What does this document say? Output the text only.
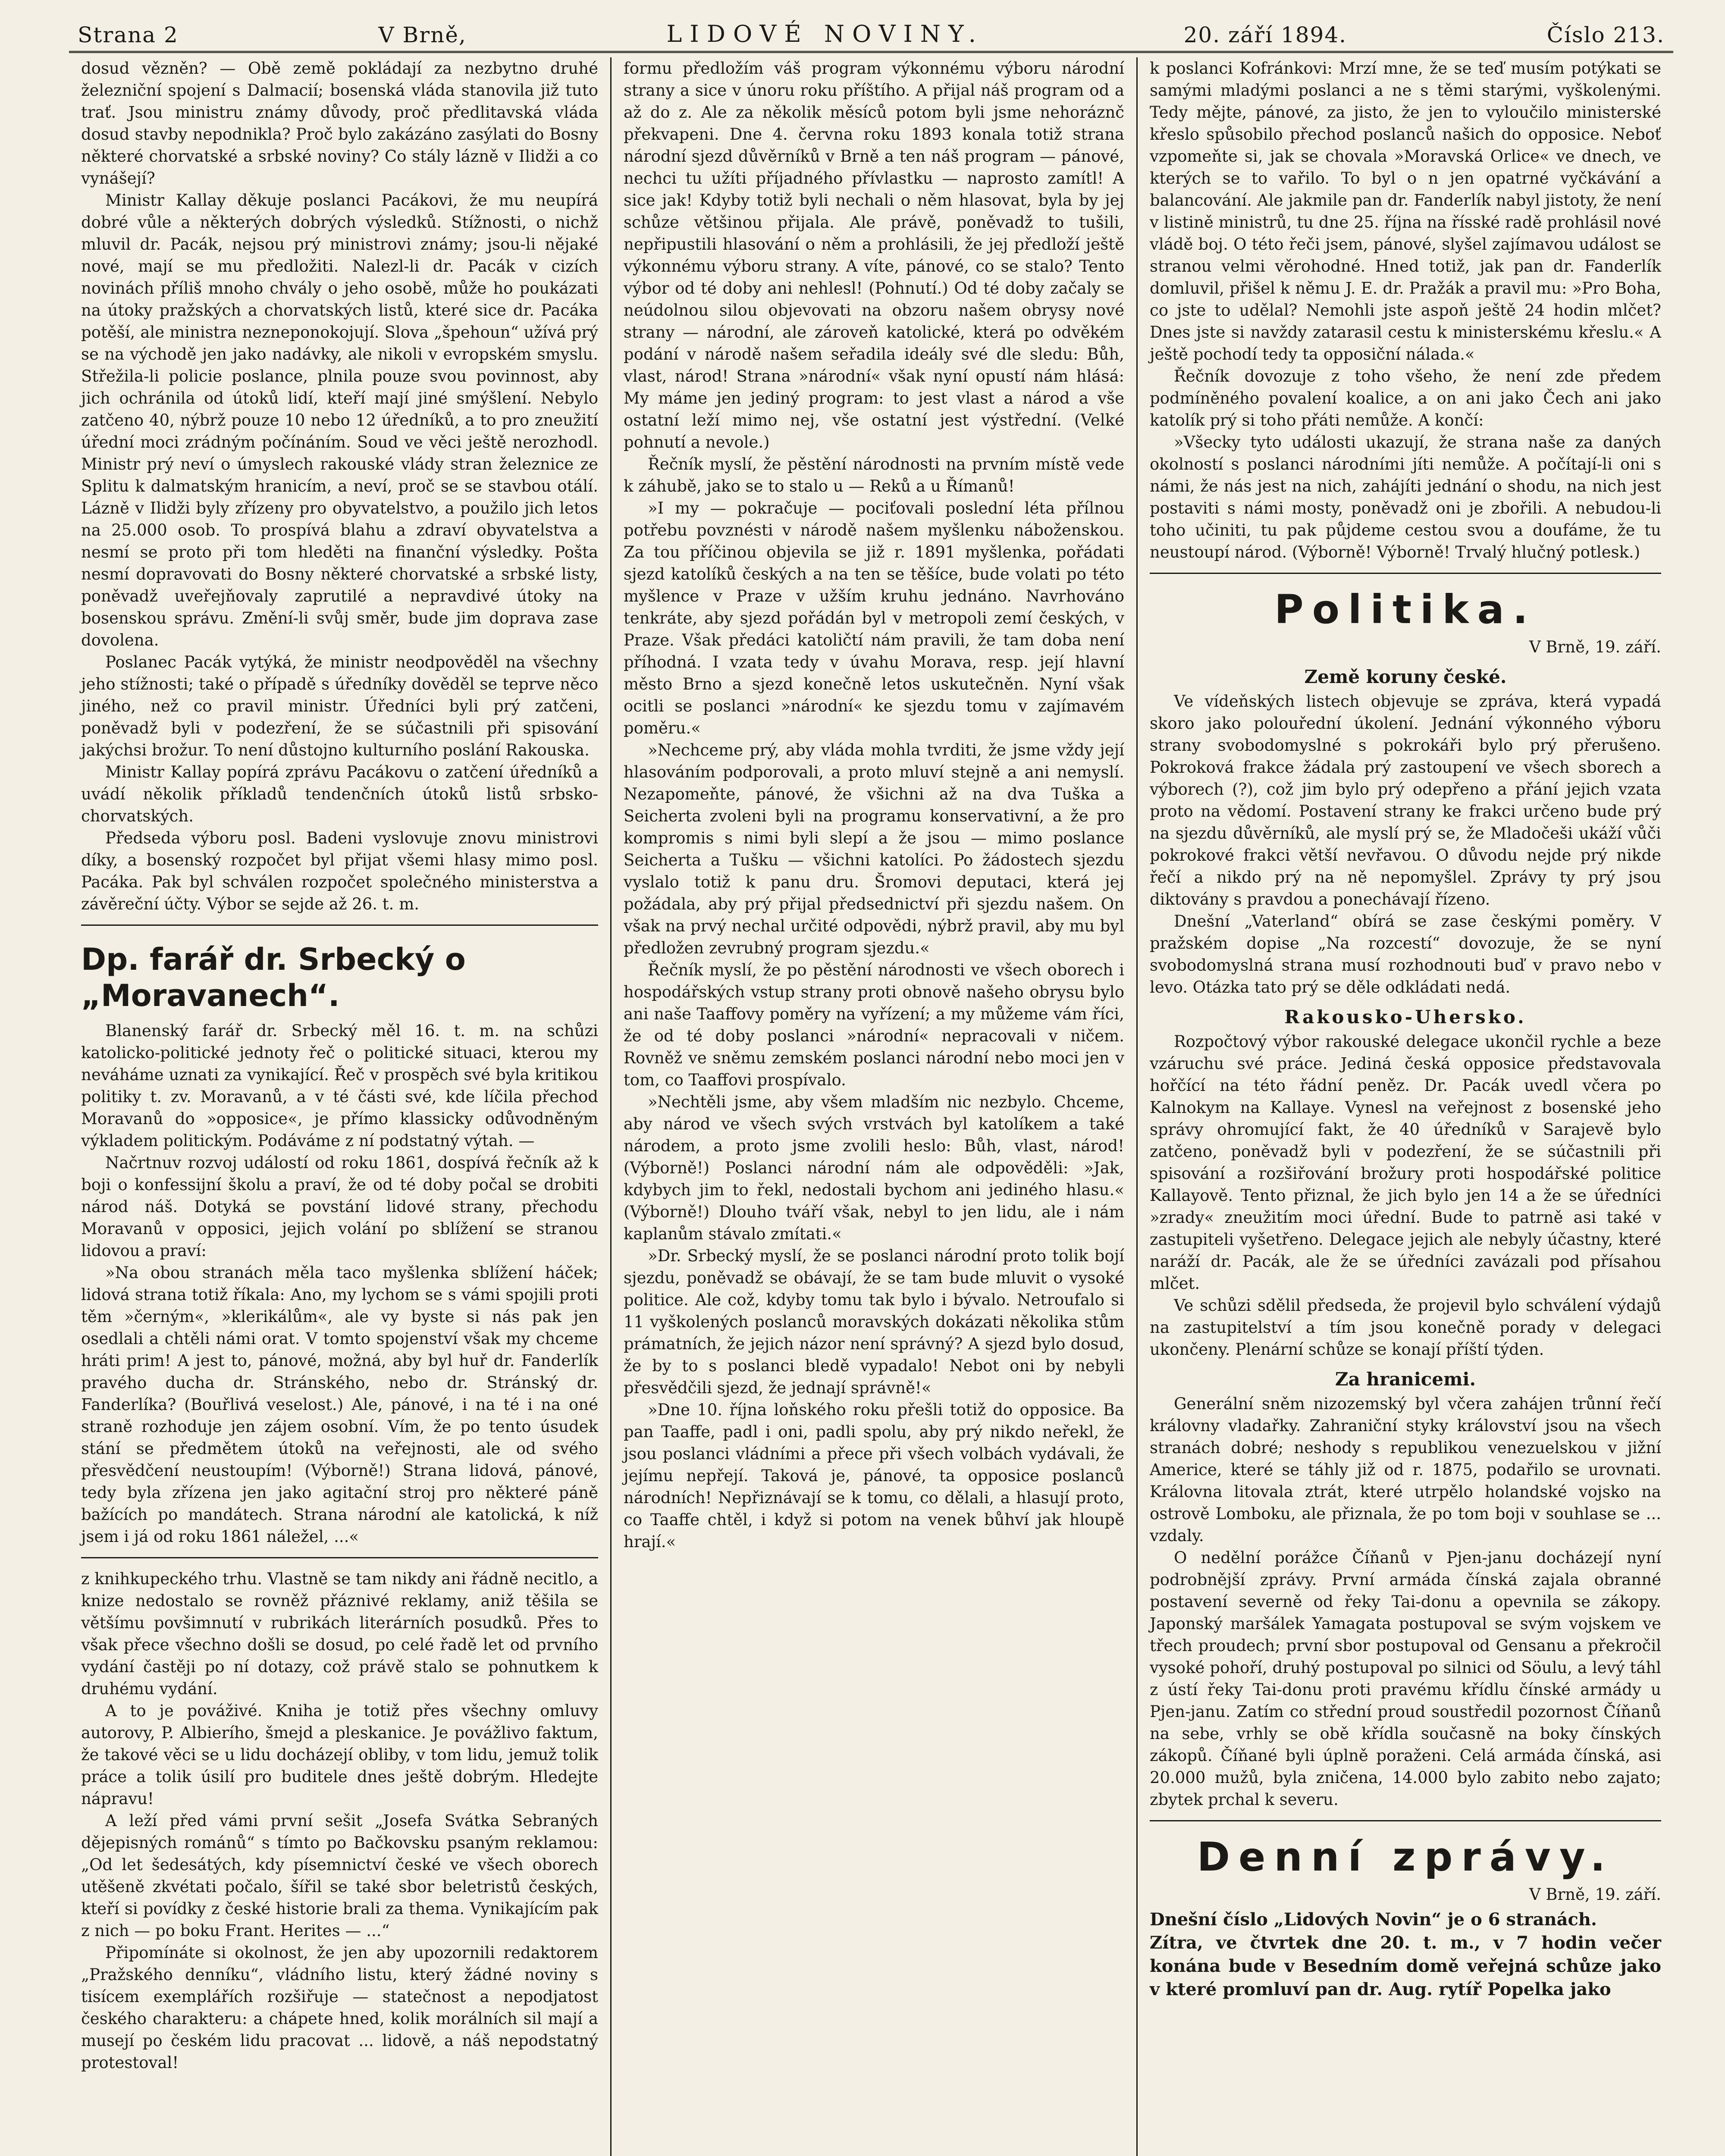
Strana 2	V Brně,	LIDOVÉ NOVINY.	20. září 1894.	Číslo 213.

dosud vězněn? — Obě země pokládají za nezbytno druhé železniční spojení s Dalmacií; bosenská vláda stanovila již tuto trať. Jsou ministru známy důvody, proč předlitavská vláda dosud stavby nepodnikla? Proč bylo zakázáno zasýlati do Bosny některé chorvatské a srbské noviny? Co stály lázně v Ilidži a co vynášejí?

Ministr Kallay děkuje poslanci Pacákovi, že mu neupírá dobré vůle a některých dobrých výsledků. Stížnosti, o nichž mluvil dr. Pacák, nejsou prý ministrovi známy; jsou-li nějaké nové, mají se mu předložiti. Nalezl-li dr. Pacák v cizích novinách příliš mnoho chvály o jeho osobě, může ho poukázati na útoky pražských a chorvatských listů, které sice dr. Pacáka potěší, ale ministra nezneponokojují. Slova „špehoun“ užívá prý se na východě jen jako nadávky, ale nikoli v evropském smyslu. Střežila-li policie poslance, plnila pouze svou povinnost, aby jich ochránila od útoků lidí, kteří mají jiné smýšlení. Nebylo zatčeno 40, nýbrž pouze 10 nebo 12 úředníků, a to pro zneužití úřední moci zrádným počínáním. Soud ve věci ještě nerozhodl. Ministr prý neví o úmyslech rakouské vlády stran železnice ze Splitu k dalmatským hranicím, a neví, proč se se stavbou otálí. Lázně v Ilidži byly zřízeny pro obyvatelstvo, a použilo jich letos na 25.000 osob. To prospívá blahu a zdraví obyvatelstva a nesmí se proto při tom hleděti na finanční výsledky. Pošta nesmí dopravovati do Bosny některé chorvatské a srbské listy, poněvadž uveřejňovaly zaprutilé a nepravdivé útoky na bosenskou správu. Změní-li svůj směr, bude jim doprava zase dovolena.

Poslanec Pacák vytýká, že ministr neodpověděl na všechny jeho stížnosti; také o případě s úředníky dověděl se teprve něco jiného, než co pravil ministr. Úředníci byli prý zatčeni, poněvadž byli v podezření, že se súčastnili při spisování jakýchsi brožur. To není důstojno kulturního poslání Rakouska.

Ministr Kallay popírá zprávu Pacákovu o zatčení úředníků a uvádí několik příkladů tendenčních útoků listů srbsko-chorvatských.

Předseda výboru posl. Badeni vyslovuje znovu ministrovi díky, a bosenský rozpočet byl přijat všemi hlasy mimo posl. Pacáka. Pak byl schválen rozpočet společného ministerstva a závěreční účty. Výbor se sejde až 26. t. m.

Dp. farář dr. Srbecký o „Moravanech“.

Blanenský farář dr. Srbecký měl 16. t. m. na schůzi katolicko-politické jednoty řeč o politické situaci, kterou my neváháme uznati za vynikající. Řeč v prospěch své byla kritikou politiky t. zv. Moravanů, a v té části své, kde líčila přechod Moravanů do »opposice«, je přímo klassicky odůvodněným výkladem politickým. Podáváme z ní podstatný výtah. —

Načrtnuv rozvoj událostí od roku 1861, dospívá řečník až k boji o konfessijní školu a praví, že od té doby počal se drobiti národ náš. Dotyká se povstání lidové strany, přechodu Moravanů v opposici, jejich volání po sblížení se stranou lidovou a praví:

»Na obou stranách měla taco myšlenka sblížení háček; lidová strana totiž říkala: Ano, my lychom se s vámi spojili proti těm »černým«, »klerikálům«, ale vy byste si nás pak jen osedlali a chtěli námi orat. V tomto spojenství však my chceme hráti prim! A jest to, pánové, možná, aby byl huř dr. Fanderlík pravého ducha dr. Stránského, nebo dr. Stránský dr. Fanderlíka? (Bouřlivá veselost.) Ale, pánové, i na té i na oné straně rozhoduje jen zájem osobní. Vím, že po tento úsudek stání se předmětem útoků na veřejnosti, ale od svého přesvědčení neustoupím! (Výborně!) Strana lidová, pánové, tedy byla zřízena jen jako agitační stroj pro některé páně bažících po mandátech. Strana národní ale katolická, k níž jsem i já od roku 1861 náležel, ...«

z knihkupeckého trhu. Vlastně se tam nikdy ani řádně necitlo, a knize nedostalo se rovněž přáznivé reklamy, aniž těšila se většímu povšimnutí v rubrikách literárních posudků. Přes to však přece všechno došli se dosud, po celé řadě let od prvního vydání častěji po ní dotazy, což právě stalo se pohnutkem k druhému vydání.

A to je pováživé. Kniha je totiž přes všechny omluvy autorovy, P. Albierího, šmejd a pleskanice. Je povážlivo faktum, že takové věci se u lidu docházejí obliby, v tom lidu, jemuž tolik práce a tolik úsilí pro buditele dnes ještě dobrým. Hledejte nápravu!

A leží před vámi první sešit „Josefa Svátka Sebraných dějepisných románů“ s tímto po Bačkovsku psaným reklamou: „Od let šedesátých, kdy písemnictví české ve všech oborech utěšeně zkvétati počalo, šířil se také sbor beletristů českých, kteří si povídky z české historie brali za thema. Vynikajícím pak z nich — po boku Frant. Herites — ...“

Připomínáte si okolnost, že jen aby upozornili redaktorem „Pražského denníku“, vládního listu, který žádné noviny s tisícem exemplářích rozšiřuje — statečnost a nepodjatost českého charakteru: a chápete hned, kolik morálních sil mají a musejí po českém lidu pracovat ... lidově, a náš nepodstatný protestoval!

formu předložím váš program výkonnému výboru národní strany a sice v únoru roku příštího. A přijal náš program od a až do z. Ale za několik měsíců potom byli jsme nehoráznč překvapeni. Dne 4. června roku 1893 konala totiž strana národní sjezd důvěrníků v Brně a ten náš program — pánové, nechci tu užíti příjadného přívlastku — naprosto zamítl! A sice jak! Kdyby totiž byli nechali o něm hlasovat, byla by jej schůze většinou přijala. Ale právě, poněvadž to tušili, nepřipustili hlasování o něm a prohlásili, že jej předloží ještě výkonnému výboru strany. A víte, pánové, co se stalo? Tento výbor od té doby ani nehlesl! (Pohnutí.) Od té doby začaly se neúdolnou silou objevovati na obzoru našem obrysy nové strany — národní, ale zároveň katolické, která po odvěkém podání v národě našem seřadila ideály své dle sledu: Bůh, vlast, národ! Strana »národní« však nyní opustí nám hlásá: My máme jen jediný program: to jest vlast a národ a vše ostatní leží mimo nej, vše ostatní jest výstřední. (Velké pohnutí a nevole.)

Řečník myslí, že pěstění národnosti na prvním místě vede k záhubě, jako se to stalo u — Reků a u Římanů!

»I my — pokračuje — pociťovali poslední léta přílnou potřebu povznésti v národě našem myšlenku náboženskou. Za tou příčinou objevila se již r. 1891 myšlenka, pořádati sjezd katolíků českých a na ten se těšíce, bude volati po této myšlence v Praze v užším kruhu jednáno. Navrhováno tenkráte, aby sjezd pořádán byl v metropoli zemí českých, v Praze. Však předáci katoličtí nám pravili, že tam doba není příhodná. I vzata tedy v úvahu Morava, resp. její hlavní město Brno a sjezd konečně letos uskutečněn. Nyní však ocitli se poslanci »národní« ke sjezdu tomu v zajímavém poměru.«

»Nechceme prý, aby vláda mohla tvrditi, že jsme vždy její hlasováním podporovali, a proto mluví stejně a ani nemyslí. Nezapomeňte, pánové, že všichni až na dva Tuška a Seicherta zvoleni byli na programu konservativní, a že pro kompromis s nimi byli slepí a že jsou — mimo poslance Seicherta a Tušku — všichni katolíci. Po žádostech sjezdu vyslalo totiž k panu dru. Šromovi deputaci, která jej požádala, aby prý přijal předsednictví při sjezdu našem. On však na prvý nechal určité odpovědi, nýbrž pravil, aby mu byl předložen zevrubný program sjezdu.«

Řečník myslí, že po pěstění národnosti ve všech oborech i hospodářských vstup strany proti obnově našeho obrysu bylo ani naše Taaffovy poměry na vyřízení; a my můžeme vám říci, že od té doby poslanci »národní« nepracovali v ničem. Rovněž ve sněmu zemském poslanci národní nebo moci jen v tom, co Taaffovi prospívalo.

»Nechtěli jsme, aby všem mladším nic nezbylo. Chceme, aby národ ve všech svých vrstvách byl katolíkem a také národem, a proto jsme zvolili heslo: Bůh, vlast, národ! (Výborně!) Poslanci národní nám ale odpověděli: »Jak, kdybych jim to řekl, nedostali bychom ani jediného hlasu.« (Výborně!) Dlouho tváří však, nebyl to jen lidu, ale i nám kaplanům stávalo zmítati.«

»Dr. Srbecký myslí, že se poslanci národní proto tolik bojí sjezdu, poněvadž se obávají, že se tam bude mluvit o vysoké politice. Ale což, kdyby tomu tak bylo i bývalo. Netroufalo si 11 vyškolených poslanců moravských dokázati několika stům prámatních, že jejich názor není správný? A sjezd bylo dosud, že by to s poslanci bledě vypadalo! Nebot oni by nebyli přesvědčili sjezd, že jednají správně!«

»Dne 10. října loňského roku přešli totiž do opposice. Ba pan Taaffe, padl i oni, padli spolu, aby prý nikdo neřekl, že jsou poslanci vládními a přece při všech volbách vydávali, že jejímu nepřejí. Taková je, pánové, ta opposice poslanců národních! Nepřiznávají se k tomu, co dělali, a hlasují proto, co Taaffe chtěl, i když si potom na venek bůhví jak hloupě hrají.«

k poslanci Kofránkovi: Mrzí mne, že se teď musím potýkati se samými mladými poslanci a ne s těmi starými, vyškolenými. Tedy mějte, pánové, za jisto, že jen to vyloučilo ministerské křeslo spůsobilo přechod poslanců našich do opposice. Neboť vzpomeňte si, jak se chovala »Moravská Orlice« ve dnech, ve kterých se to vařilo. To byl o n jen opatrné vyčkávání a balancování. Ale jakmile pan dr. Fanderlík nabyl jistoty, že není v listině ministrů, tu dne 25. října na řísské radě prohlásil nové vládě boj. O této řeči jsem, pánové, slyšel zajímavou událost se stranou velmi věrohodné. Hned totiž, jak pan dr. Fanderlík domluvil, přišel k němu J. E. dr. Pražák a pravil mu: »Pro Boha, co jste to udělal? Nemohli jste aspoň ještě 24 hodin mlčet? Dnes jste si navždy zatarasil cestu k ministerskému křeslu.« A ještě pochodí tedy ta opposiční nálada.«

Řečník dovozuje z toho všeho, že není zde předem podmíněného povalení koalice, a on ani jako Čech ani jako katolík prý si toho přáti nemůže. A končí:

»Všecky tyto události ukazují, že strana naše za daných okolností s poslanci národními jíti nemůže. A počítají-li oni s námi, že nás jest na nich, zahájíti jednání o shodu, na nich jest postaviti s námi mosty, poněvadž oni je zbořili. A nebudou-li toho učiniti, tu pak půjdeme cestou svou a doufáme, že tu neustoupí národ. (Výborně! Výborně! Trvalý hlučný potlesk.)

Politika.
V Brně, 19. září.
Země koruny české.

Ve vídeňských listech objevuje se zpráva, která vypadá skoro jako polouřední úkolení. Jednání výkonného výboru strany svobodomyslné s pokrokáři bylo prý přerušeno. Pokroková frakce žádala prý zastoupení ve všech sborech a výborech (?), což jim bylo prý odepřeno a přání jejich vzata proto na vědomí. Postavení strany ke frakci určeno bude prý na sjezdu důvěrníků, ale myslí prý se, že Mladočeši ukáží vůči pokrokové frakci větší nevřavou. O důvodu nejde prý nikde řečí a nikdo prý na ně nepomyšlel. Zprávy ty prý jsou diktovány s pravdou a ponechávají řízeno.

Dnešní „Vaterland“ obírá se zase českými poměry. V pražském dopise „Na rozcestí“ dovozuje, že se nyní svobodomyslná strana musí rozhodnouti buď v pravo nebo v levo. Otázka tato prý se děle odkládati nedá.

Rakousko-Uhersko.

Rozpočtový výbor rakouské delegace ukončil rychle a beze vzáruchu své práce. Jediná česká opposice představovala hořčící na této řádní peněz. Dr. Pacák uvedl včera po Kalnokym na Kallaye. Vynesl na veřejnost z bosenské jeho správy ohromující fakt, že 40 úředníků v Sarajevě bylo zatčeno, poněvadž byli v podezření, že se súčastnili při spisování a rozšiřování brožury proti hospodářské politice Kallayově. Tento přiznal, že jich bylo jen 14 a že se úředníci »zrady« zneužitím moci úřední. Bude to patrně asi také v zastupiteli vyšetřeno. Delegace jejich ale nebyly účastny, které naráží dr. Pacák, ale že se úředníci zavázali pod přísahou mlčet.

Ve schůzi sdělil předseda, že projevil bylo schválení výdajů na zastupitelství a tím jsou konečně porady v delegaci ukončeny. Plenární schůze se konají příští týden.

Za hranicemi.

Generální sněm nizozemský byl včera zahájen trůnní řečí královny vladařky. Zahraniční styky království jsou na všech stranách dobré; neshody s republikou venezuelskou v jižní Americe, které se táhly již od r. 1875, podařilo se urovnati. Královna litovala ztrát, které utrpělo holandské vojsko na ostrově Lomboku, ale přiznala, že po tom boji v souhlase se ... vzdaly.

O nedělní porážce Číňanů v Pjen-janu docházejí nyní podrobnější zprávy. První armáda čínská zajala obranné postavení severně od řeky Tai-donu a opevnila se zákopy. Japonský maršálek Yamagata postupoval se svým vojskem ve třech proudech; první sbor postupoval od Gensanu a překročil vysoké pohoří, druhý postupoval po silnici od Söulu, a levý táhl z ústí řeky Tai-donu proti pravému křídlu čínské armády u Pjen-janu. Zatím co střední proud soustředil pozornost Číňanů na sebe, vrhly se obě křídla současně na boky čínských zákopů. Číňané byli úplně poraženi. Celá armáda čínská, asi 20.000 mužů, byla zničena, 14.000 bylo zabito nebo zajato; zbytek prchal k severu.

Denní zprávy.
V Brně, 19. září.

Dnešní číslo „Lidových Novin“ je o 6 stranách.

Zítra, ve čtvrtek dne 20. t. m., v 7 hodin večer konána bude v Besedním domě veřejná schůze jako v které promluví pan dr. Aug. rytíř Popelka jako
